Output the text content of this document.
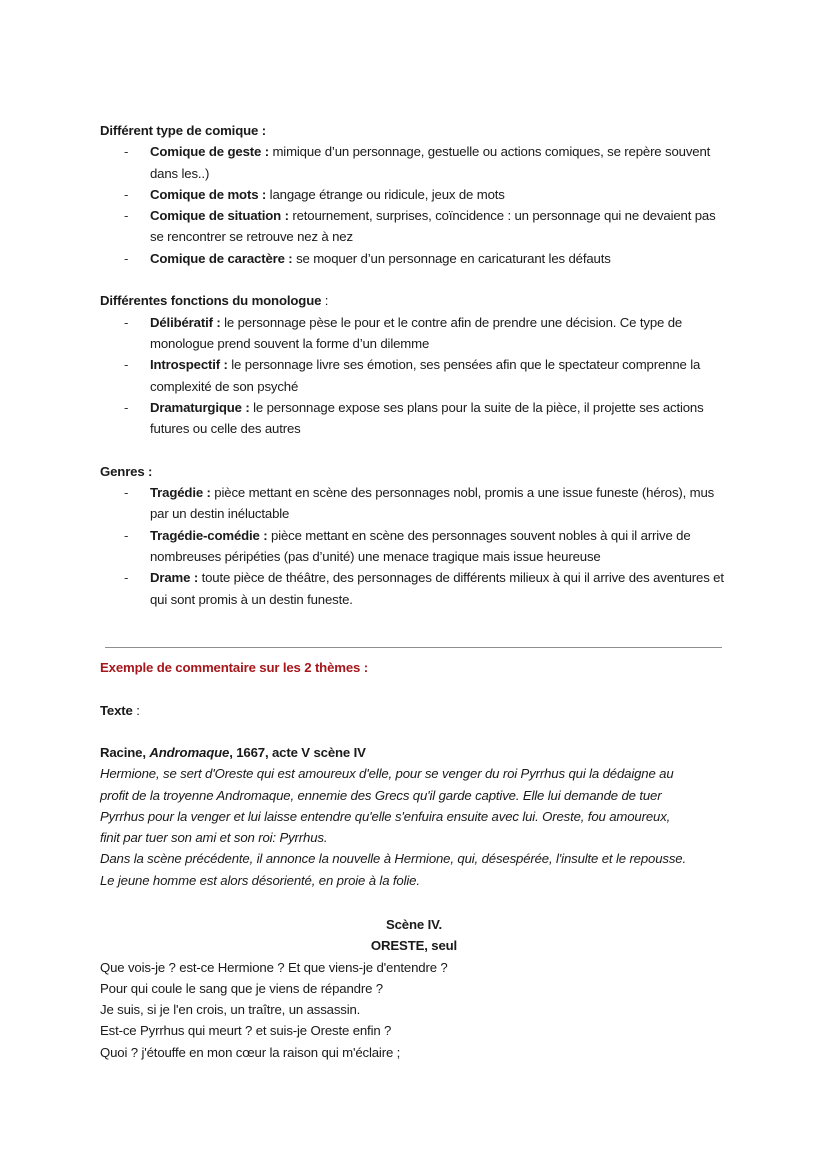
Différent type de comique :
- Comique de geste : mimique d’un personnage, gestuelle ou actions comiques, se repère souvent dans les..)
- Comique de mots : langage étrange ou ridicule, jeux de mots
- Comique de situation : retournement, surprises, coïncidence : un personnage qui ne devaient pas se rencontrer se retrouve nez à nez
- Comique de caractère : se moquer d’un personnage en caricaturant les défauts
Différentes fonctions du monologue :
- Délibératif : le personnage pèse le pour et le contre afin de prendre une décision. Ce type de monologue prend souvent la forme d’un dilemme
- Introspectif : le personnage livre ses émotion, ses pensées afin que le spectateur comprenne la complexité de son psyché
- Dramaturgique : le personnage expose ses plans pour la suite de la pièce, il projette ses actions futures ou celle des autres
Genres :
- Tragédie : pièce mettant en scène des personnages nobl, promis a une issue funeste (héros), mus par un destin inéluctable
- Tragédie-comédie : pièce mettant en scène des personnages souvent nobles à qui il arrive de nombreuses péripéties (pas d’unité) une menace tragique mais issue heureuse
- Drame : toute pièce de théâtre, des personnages de différents milieux à qui il arrive des aventures et qui sont promis à un destin funeste.
Exemple de commentaire sur les 2 thèmes :
Texte :
Racine, Andromaque, 1667, acte V scène IV
Hermione, se sert d'Oreste qui est amoureux d'elle, pour se venger du roi Pyrrhus qui la dédaigne au
profit de la troyenne Andromaque, ennemie des Grecs qu'il garde captive. Elle lui demande de tuer
Pyrrhus pour la venger et lui laisse entendre qu'elle s'enfuira ensuite avec lui. Oreste, fou amoureux,
finit par tuer son ami et son roi: Pyrrhus.
Dans la scène précédente, il annonce la nouvelle à Hermione, qui, désespérée, l'insulte et le repousse.
Le jeune homme est alors désorienté, en proie à la folie.
Scène IV.
ORESTE, seul
Que vois-je ? est-ce Hermione ? Et que viens-je d'entendre ?
Pour qui coule le sang que je viens de répandre ?
Je suis, si je l'en crois, un traître, un assassin.
Est-ce Pyrrhus qui meurt ? et suis-je Oreste enfin ?
Quoi ? j'étouffe en mon cœur la raison qui m'éclaire ;
